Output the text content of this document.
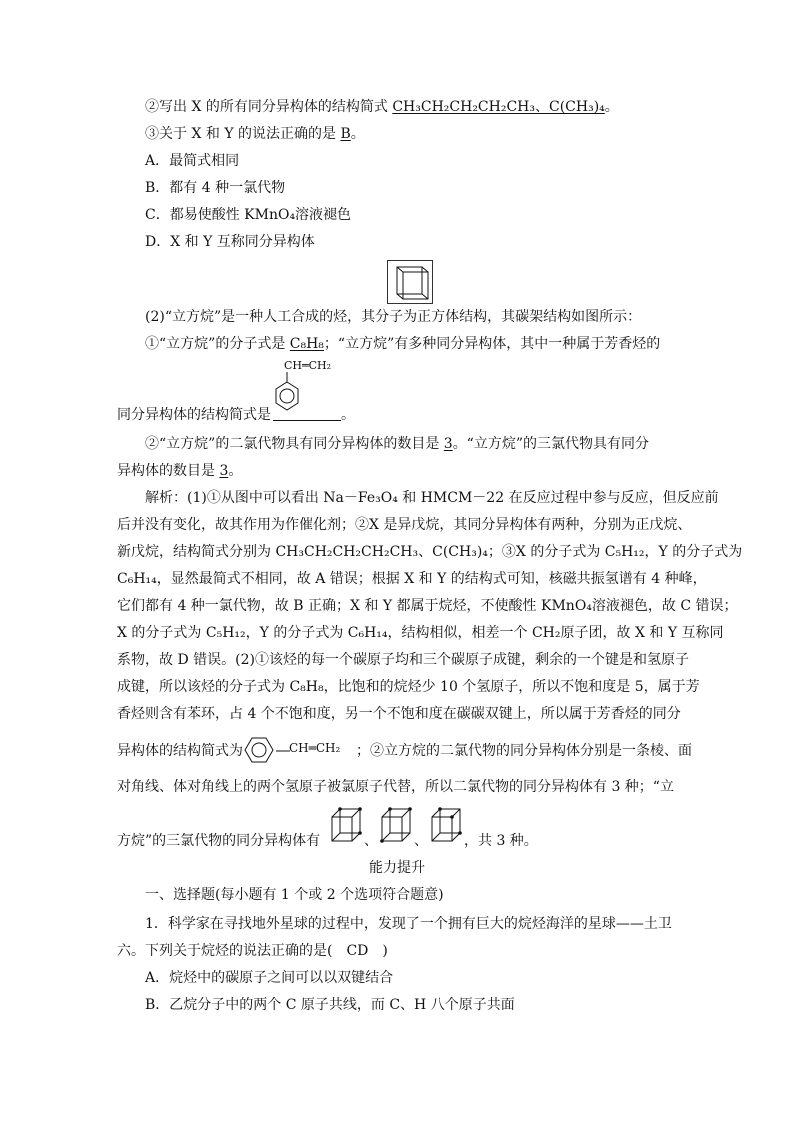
②写出 X 的所有同分异构体的结构简式 CH₃CH₂CH₂CH₂CH₃、C(CH₃)₄。
③关于 X 和 Y 的说法正确的是 B。
A．最简式相同
B．都有 4 种一氯代物
C．都易使酸性 KMnO₄溶液褪色
D．X 和 Y 互称同分异构体
(2)“立方烷”是一种人工合成的烃，其分子为正方体结构，其碳架结构如图所示：
①“立方烷”的分子式是 C₈H₈；“立方烷”有多种同分异构体，其中一种属于芳香烃的
CH═CH₂
同分异构体的结构简式是	。
②“立方烷”的二氯代物具有同分异构体的数目是 3。“立方烷”的三氯代物具有同分
异构体的数目是 3。
解析：(1)①从图中可以看出 Na－Fe₃O₄ 和 HMCM－22 在反应过程中参与反应，但反应前
后并没有变化，故其作用为作催化剂；②X 是异戊烷，其同分异构体有两种，分别为正戊烷、
新戊烷，结构简式分别为 CH₃CH₂CH₂CH₂CH₃、C(CH₃)₄；③X 的分子式为 C₅H₁₂，Y 的分子式为
C₆H₁₄，显然最简式不相同，故 A 错误；根据 X 和 Y 的结构式可知，核磁共振氢谱有 4 种峰，
它们都有 4 种一氯代物，故 B 正确；X 和 Y 都属于烷烃，不使酸性 KMnO₄溶液褪色，故 C 错误；
X 的分子式为 C₅H₁₂，Y 的分子式为 C₆H₁₄，结构相似，相差一个 CH₂原子团，故 X 和 Y 互称同
系物，故 D 错误。(2)①该烃的每一个碳原子均和三个碳原子成键，剩余的一个键是和氢原子
成键，所以该烃的分子式为 C₈H₈，比饱和的烷烃少 10 个氢原子，所以不饱和度是 5，属于芳
香烃则含有苯环，占 4 个不饱和度，另一个不饱和度在碳碳双键上，所以属于芳香烃的同分
异构体的结构简式为	CH═CH₂ ；②立方烷的二氯代物的同分异构体分别是一条棱、面
对角线、体对角线上的两个氢原子被氯原子代替，所以二氯代物的同分异构体有 3 种；“立
方烷”的三氯代物的同分异构体有	、	、	，共 3 种。
能力提升
一、选择题(每小题有 1 个或 2 个选项符合题意)
1．科学家在寻找地外星球的过程中，发现了一个拥有巨大的烷烃海洋的星球——土卫
六。下列关于烷烃的说法正确的是(　CD　)
A．烷烃中的碳原子之间可以以双键结合
B．乙烷分子中的两个 C 原子共线，而 C、H 八个原子共面
